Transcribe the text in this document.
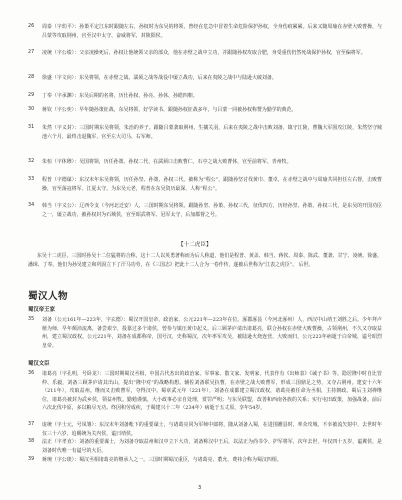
26	周泰（字幼平）：孙策平定江东时跟随左右，孙权时为东吴的将领，曾经在危急中冒着生命危险保护孙权，全身伤痕累累。后来又随周瑜在赤壁大败曹操，与吕蒙等攻取荆州，官至汉中太守、奋威将军，封陵阳侯。
27	凌统（字公绩）：父亲凌操死后，孙权让他统领父亲的部众，他在赤壁之战中立功，并跟随孙权攻取合肥，身受重伤仍然死战保护孙权，官至偏将军。
28	徐盛（字文向）：东吴将领，在赤壁之战、濡须之战等战役中屡立战功，后来在夷陵之战中与陆逊大破刘备。
29	丁奉（字承渊）：东吴后期的名将，历仕孙权、孙亮、孙休、孙皓四朝。
30	蒋钦（字公奕）：早年随孙策征战，东吴将领，好学读书，跟随孙权征战多年，与吕蒙一同被孙权称赞为勤学的典范。
31	朱然（字义封）：三国时期东吴将领，朱治的养子。跟随吕蒙袭取荆州，生擒关羽，后来在夷陵之战中击败刘备，镇守江陵，曹魏大军围攻江陵，朱然坚守城池六个月，最终击退魏军，官至左大司马、右军师。
32	朱桓（字休穆）：吴国将领，历任孙策、孙权二代，在濡须口击败曹仁，石亭之战大败曹休，官至前将军、青州牧。
33	程普（字德谋）：东汉末年东吴将领，历任孙坚、孙策、孙权三代，被称为“程公”，跟随孙坚讨伐黄巾、董卓，在赤壁之战中与周瑜共同担任左右督，击败曹操，官至荡寇将军、江夏太守。为东吴元老，程普在东吴资历最深，人称“程公”。
34	韩当（字义公）：辽西令支（今河北迁安）人，三国时期东吴将领。跟随孙坚、孙策、孙权三代，征伐四方，历经孙坚、孙策、孙权三代，是东吴的开国功臣之一，屡立战功，被孙权封为石城侯，官至昭武将军、冠军太守，后加都督之号。
【十二虎臣】
东吴十二虎臣，三国时孙吴十二位猛将的合称，这十二人以英勇著称而为后人称道，他们是程普、黄盖、韩当、蒋钦、周泰、陈武、董袭、甘宁、凌统、徐盛、潘璋、丁奉。他们为孙吴建立和巩固立下了汗马功劳，在《三国志》把此十二人合为一卷作传，遂被后世称为“江表之虎臣”。 后世。
蜀汉人物
蜀汉帝王家
35	刘备（公元161年—223年，字玄德）：蜀汉开国皇帝，政治家，公元221年—223年在位。涿郡涿县（今河北涿州）人，西汉中山靖王刘胜之后。少年拜卢植为师，早年颠沛流离，备尝艰辛，投靠过多个诸侯，曾参与镇压黄巾起义。后三顾茅庐请出诸葛亮，联合孙权在赤壁大败曹操，占领荆州，不久又夺取益州，建立蜀汉政权。公元221年，刘备在成都称帝，国号汉，史称蜀汉，次年率军攻吴，被陆逊火烧连营，大败而归，公元223年病逝于白帝城，谥号昭烈皇帝。
蜀汉文臣
36	诸葛亮（字孔明，号卧龙）：三国时期蜀汉丞相，中国古代杰出的政治家、军事家、散文家、发明家，代表作有《出师表》《诫子书》等。隐居隆中时自比管仲、乐毅，刘备三顾茅庐请其出山，提出“隆中对”的战略构想。辅佐刘备联吴抗曹，在赤壁之战大败曹军，形成三国鼎足之势，又夺占荆州。建安十六年（211年），攻取益州。继而又击败曹军，夺得汉中。蜀章武元年（221年），刘备在成都建立蜀汉政权，诸葛亮被任命为丞相，主持朝政。蜀后主刘禅继位，诸葛亮被封为武乡侯，领益州牧。勤勉谨慎，大小政事必亲自处理，赏罚严明；与东吴联盟，改善和西南各族的关系；实行屯田政策，加强战备。前后六次北伐中原，多以粮尽无功。终因积劳成疾，于蜀建兴十二年（234年）病逝于五丈原，享年54岁。
37	庞统（字士元，号凤雏）：东汉末年刘备帐下的重要谋士，与诸葛亮同为军师中郎将，随从刘备入蜀，在进围雒县时，率众攻城，不幸被流矢射中，去世时年仅三十六岁，追赐统为关内侯，谥曰靖侯。
38	法正（字孝直）：刘备的重要谋士，为刘备夺取益州和汉中立下大功，刘备称汉中王后，以法正为尚书令、护军将军，次年去世，年仅四十五岁，谥翼侯，是刘备时代唯一有谥号的大臣。
39	蒋琬（字公琰）：蜀汉丞相诸葛亮的继承人之一。三国时期蜀汉重臣，与诸葛亮、董允、费祎合称为蜀汉四相。
3
